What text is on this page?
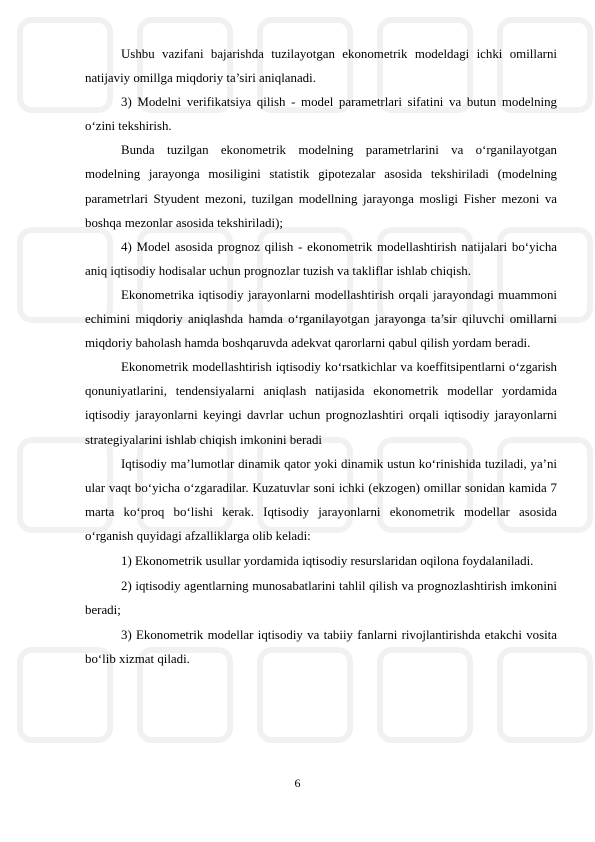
Ushbu vazifani bajarishda tuzilayotgan ekonometrik modeldagi ichki omillarni natijaviy omillga miqdoriy ta’siri aniqlanadi.

3) Modelni verifikatsiya qilish - model parametrlari sifatini va butun modelning o‘zini tekshirish.

Bunda tuzilgan ekonometrik modelning parametrlarini va o‘rganilayotgan modelning jarayonga mosiligini statistik gipotezalar asosida tekshiriladi (modelning parametrlari Styudent mezoni, tuzilgan modellning jarayonga mosligi Fisher mezoni va boshqa mezonlar asosida tekshiriladi);

4) Model asosida prognoz qilish - ekonometrik modellashtirish natijalari bo‘yicha aniq iqtisodiy hodisalar uchun prognozlar tuzish va takliflar ishlab chiqish.

Ekonometrika iqtisodiy jarayonlarni modellashtirish orqali jarayondagi muammoni echimini miqdoriy aniqlashda hamda o‘rganilayotgan jarayonga ta’sir qiluvchi omillarni miqdoriy baholash hamda boshqaruvda adekvat qarorlarni qabul qilish yordam beradi.

Ekonometrik modellashtirish iqtisodiy ko‘rsatkichlar va koeffitsipentlarni o‘zgarish qonuniyatlarini, tendensiyalarni aniqlash natijasida ekonometrik modellar yordamida iqtisodiy jarayonlarni keyingi davrlar uchun prognozlashtiri orqali iqtisodiy jarayonlarni strategiyalarini ishlab chiqish imkonini beradi

Iqtisodiy ma’lumotlar dinamik qator yoki dinamik ustun ko‘rinishida tuziladi, ya’ni ular vaqt bo‘yicha o‘zgaradilar. Kuzatuvlar soni ichki (ekzogen) omillar sonidan kamida 7 marta ko‘proq bo‘lishi kerak. Iqtisodiy jarayonlarni ekonometrik modellar asosida o‘rganish quyidagi afzalliklarga olib keladi:

1) Ekonometrik usullar yordamida iqtisodiy resurslaridan oqilona foydalaniladi.

2) iqtisodiy agentlarning munosabatlarini tahlil qilish va prognozlashtirish imkonini beradi;

3) Ekonometrik modellar iqtisodiy va tabiiy fanlarni rivojlantirishda etakchi vosita bo‘lib xizmat qiladi.

6
